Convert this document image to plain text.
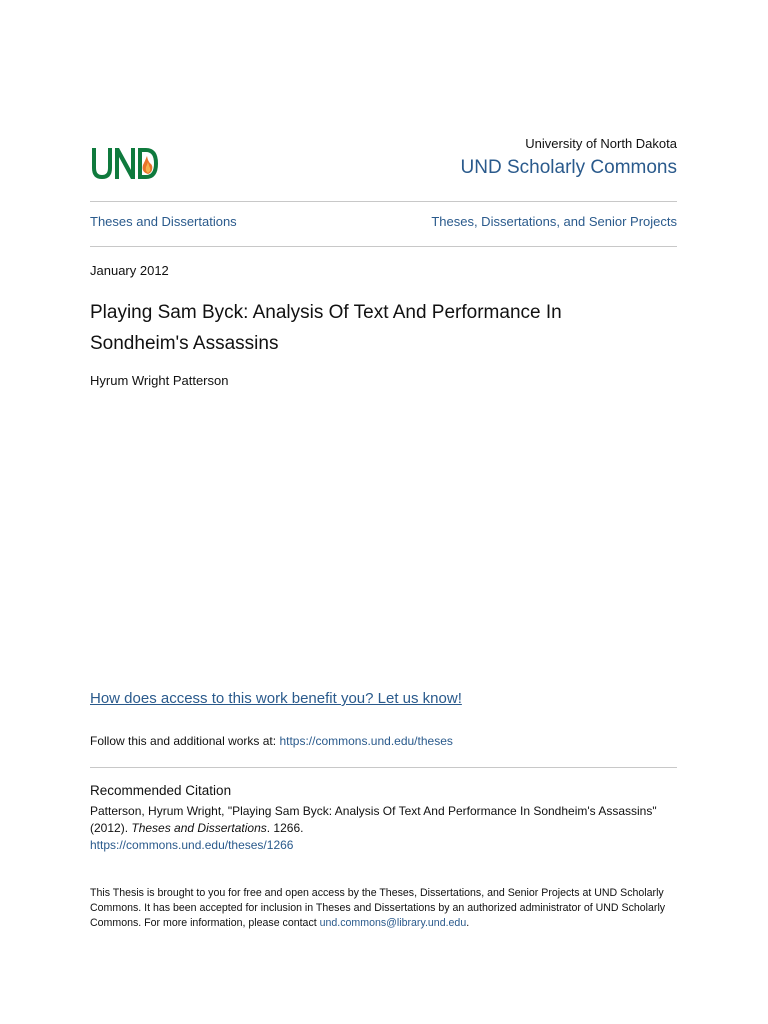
University of North Dakota
UND Scholarly Commons
Theses and Dissertations	Theses, Dissertations, and Senior Projects
January 2012
Playing Sam Byck: Analysis Of Text And Performance In Sondheim's Assassins
Hyrum Wright Patterson
How does access to this work benefit you? Let us know!
Follow this and additional works at: https://commons.und.edu/theses
Recommended Citation
Patterson, Hyrum Wright, "Playing Sam Byck: Analysis Of Text And Performance In Sondheim's Assassins" (2012). Theses and Dissertations. 1266.
https://commons.und.edu/theses/1266
This Thesis is brought to you for free and open access by the Theses, Dissertations, and Senior Projects at UND Scholarly Commons. It has been accepted for inclusion in Theses and Dissertations by an authorized administrator of UND Scholarly Commons. For more information, please contact und.commons@library.und.edu.
